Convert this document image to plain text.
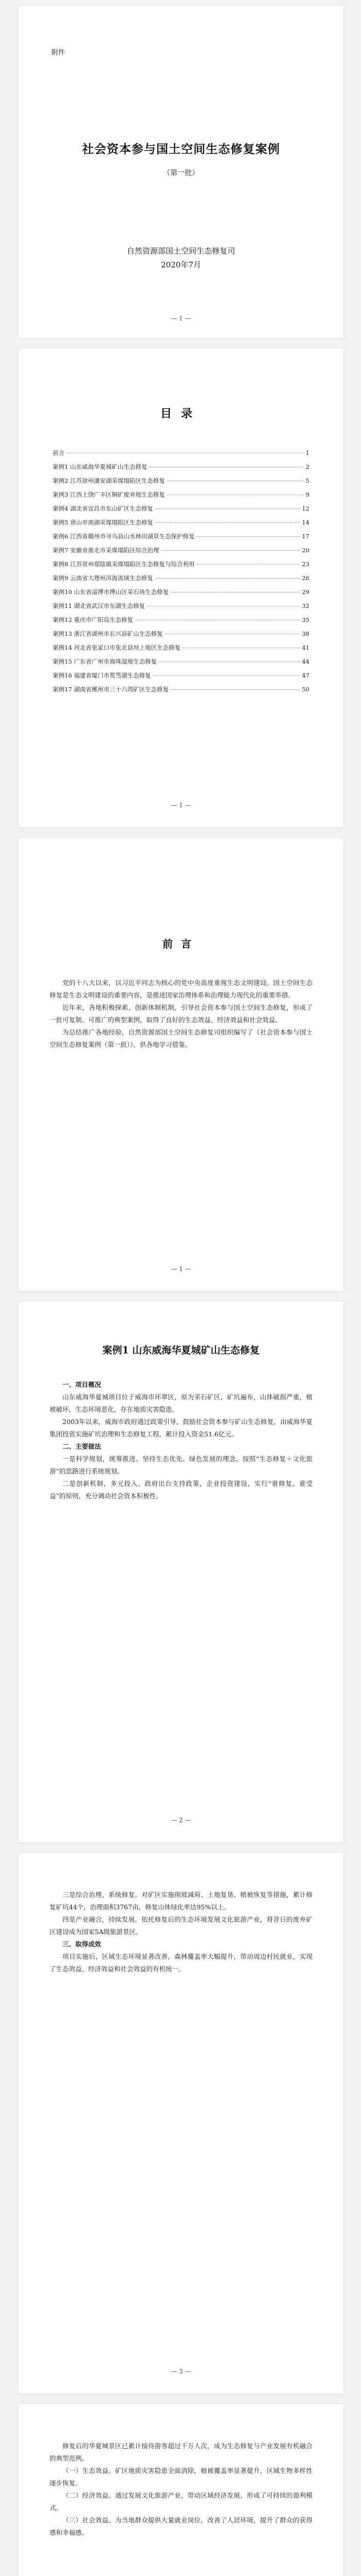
附件
社会资本参与国土空间生态修复案例
（第一批）
自然资源部国土空间生态修复司
2020年7月
— 1 —
目录
前言	1
案例1 山东威海华夏城矿山生态修复	2
案例2 江苏徐州潘安湖采煤塌陷区生态修复	5
案例3 江西上饶广丰区铜矿废弃地生态修复	9
案例4 湖北省宜昌市东山矿区生态修复	12
案例5 唐山市南湖采煤塌陷区生态修复	14
案例6 江西省赣州市寻乌县山水林田湖草生态保护修复	17
案例7 安徽省淮北市采煤塌陷区综合治理	20
案例8 江苏常州郑陆镇采煤塌陷区生态修复与综合利用	23
案例9 云南省大理州洱海流域生态修复	26
案例10 山东省淄博市博山区采石场生态修复	29
案例11 湖北省武汉市东湖生态修复	32
案例12 重庆市广阳岛生态修复	35
案例13 浙江省湖州市长兴县矿山生态修复	38
案例14 河北省张家口市张北县坝上地区生态修复	41
案例15 广东省广州市海珠湿地生态修复	44
案例16 福建省厦门市筼筜湖生态修复	47
案例17 湖南省郴州市三十六湾矿区生态修复	50
— 1 —
前言

党的十八大以来，以习近平同志为核心的党中央高度重视生态文明建设。国土空间生态修复是生态文明建设的重要内容，是推进国家治理体系和治理能力现代化的重要举措。

近年来，各地积极探索，创新体制机制，引导社会资本参与国土空间生态修复，形成了一批可复制、可推广的典型案例，取得了良好的生态效益、经济效益和社会效益。

为总结推广各地经验，自然资源部国土空间生态修复司组织编写了《社会资本参与国土空间生态修复案例（第一批）》，供各地学习借鉴。

— 1 —
案例1 山东威海华夏城矿山生态修复

一、项目概况

山东威海华夏城项目位于威海市环翠区，原为采石矿区，矿坑遍布，山体破损严重，植被破坏，生态环境恶化，存在地质灾害隐患。

2003年以来，威海市政府通过政策引导，鼓励社会资本参与矿山生态修复，由威海华夏集团投资实施矿坑治理和生态修复工程，累计投入资金51.6亿元。

二、主要做法

一是科学规划，统筹推进。坚持生态优先、绿色发展的理念，按照“生态修复＋文化旅游”的思路进行系统规划。

二是创新机制，多元投入。政府出台支持政策，企业投资建设，实行“谁修复、谁受益”的原则，充分调动社会资本积极性。

— 2 —

三是综合治理，系统修复。对矿区实施削坡减荷、土地复垦、植被恢复等措施，累计修复矿坑44个，治理面积3767亩，修复山体绿化率达95%以上。

四是产业融合，持续发展。依托修复后的生态环境发展文化旅游产业，将昔日的废弃矿区建设成为国家5A级旅游景区。

三、取得成效

项目实施后，区域生态环境显著改善，森林覆盖率大幅提升，带动周边村民就业，实现了生态效益、经济效益和社会效益的有机统一。

— 3 —

修复后的华夏城景区已累计接待游客超过千万人次，成为生态修复与产业发展有机融合的典型范例。

（一）生态效益。矿区地质灾害隐患全面消除，植被覆盖率显著提升，区域生物多样性逐步恢复。

（二）经济效益。通过发展文化旅游产业，带动区域经济发展，形成了可持续的盈利模式。

（三）社会效益。为当地群众提供大量就业岗位，改善了人居环境，提升了群众的获得感和幸福感。
